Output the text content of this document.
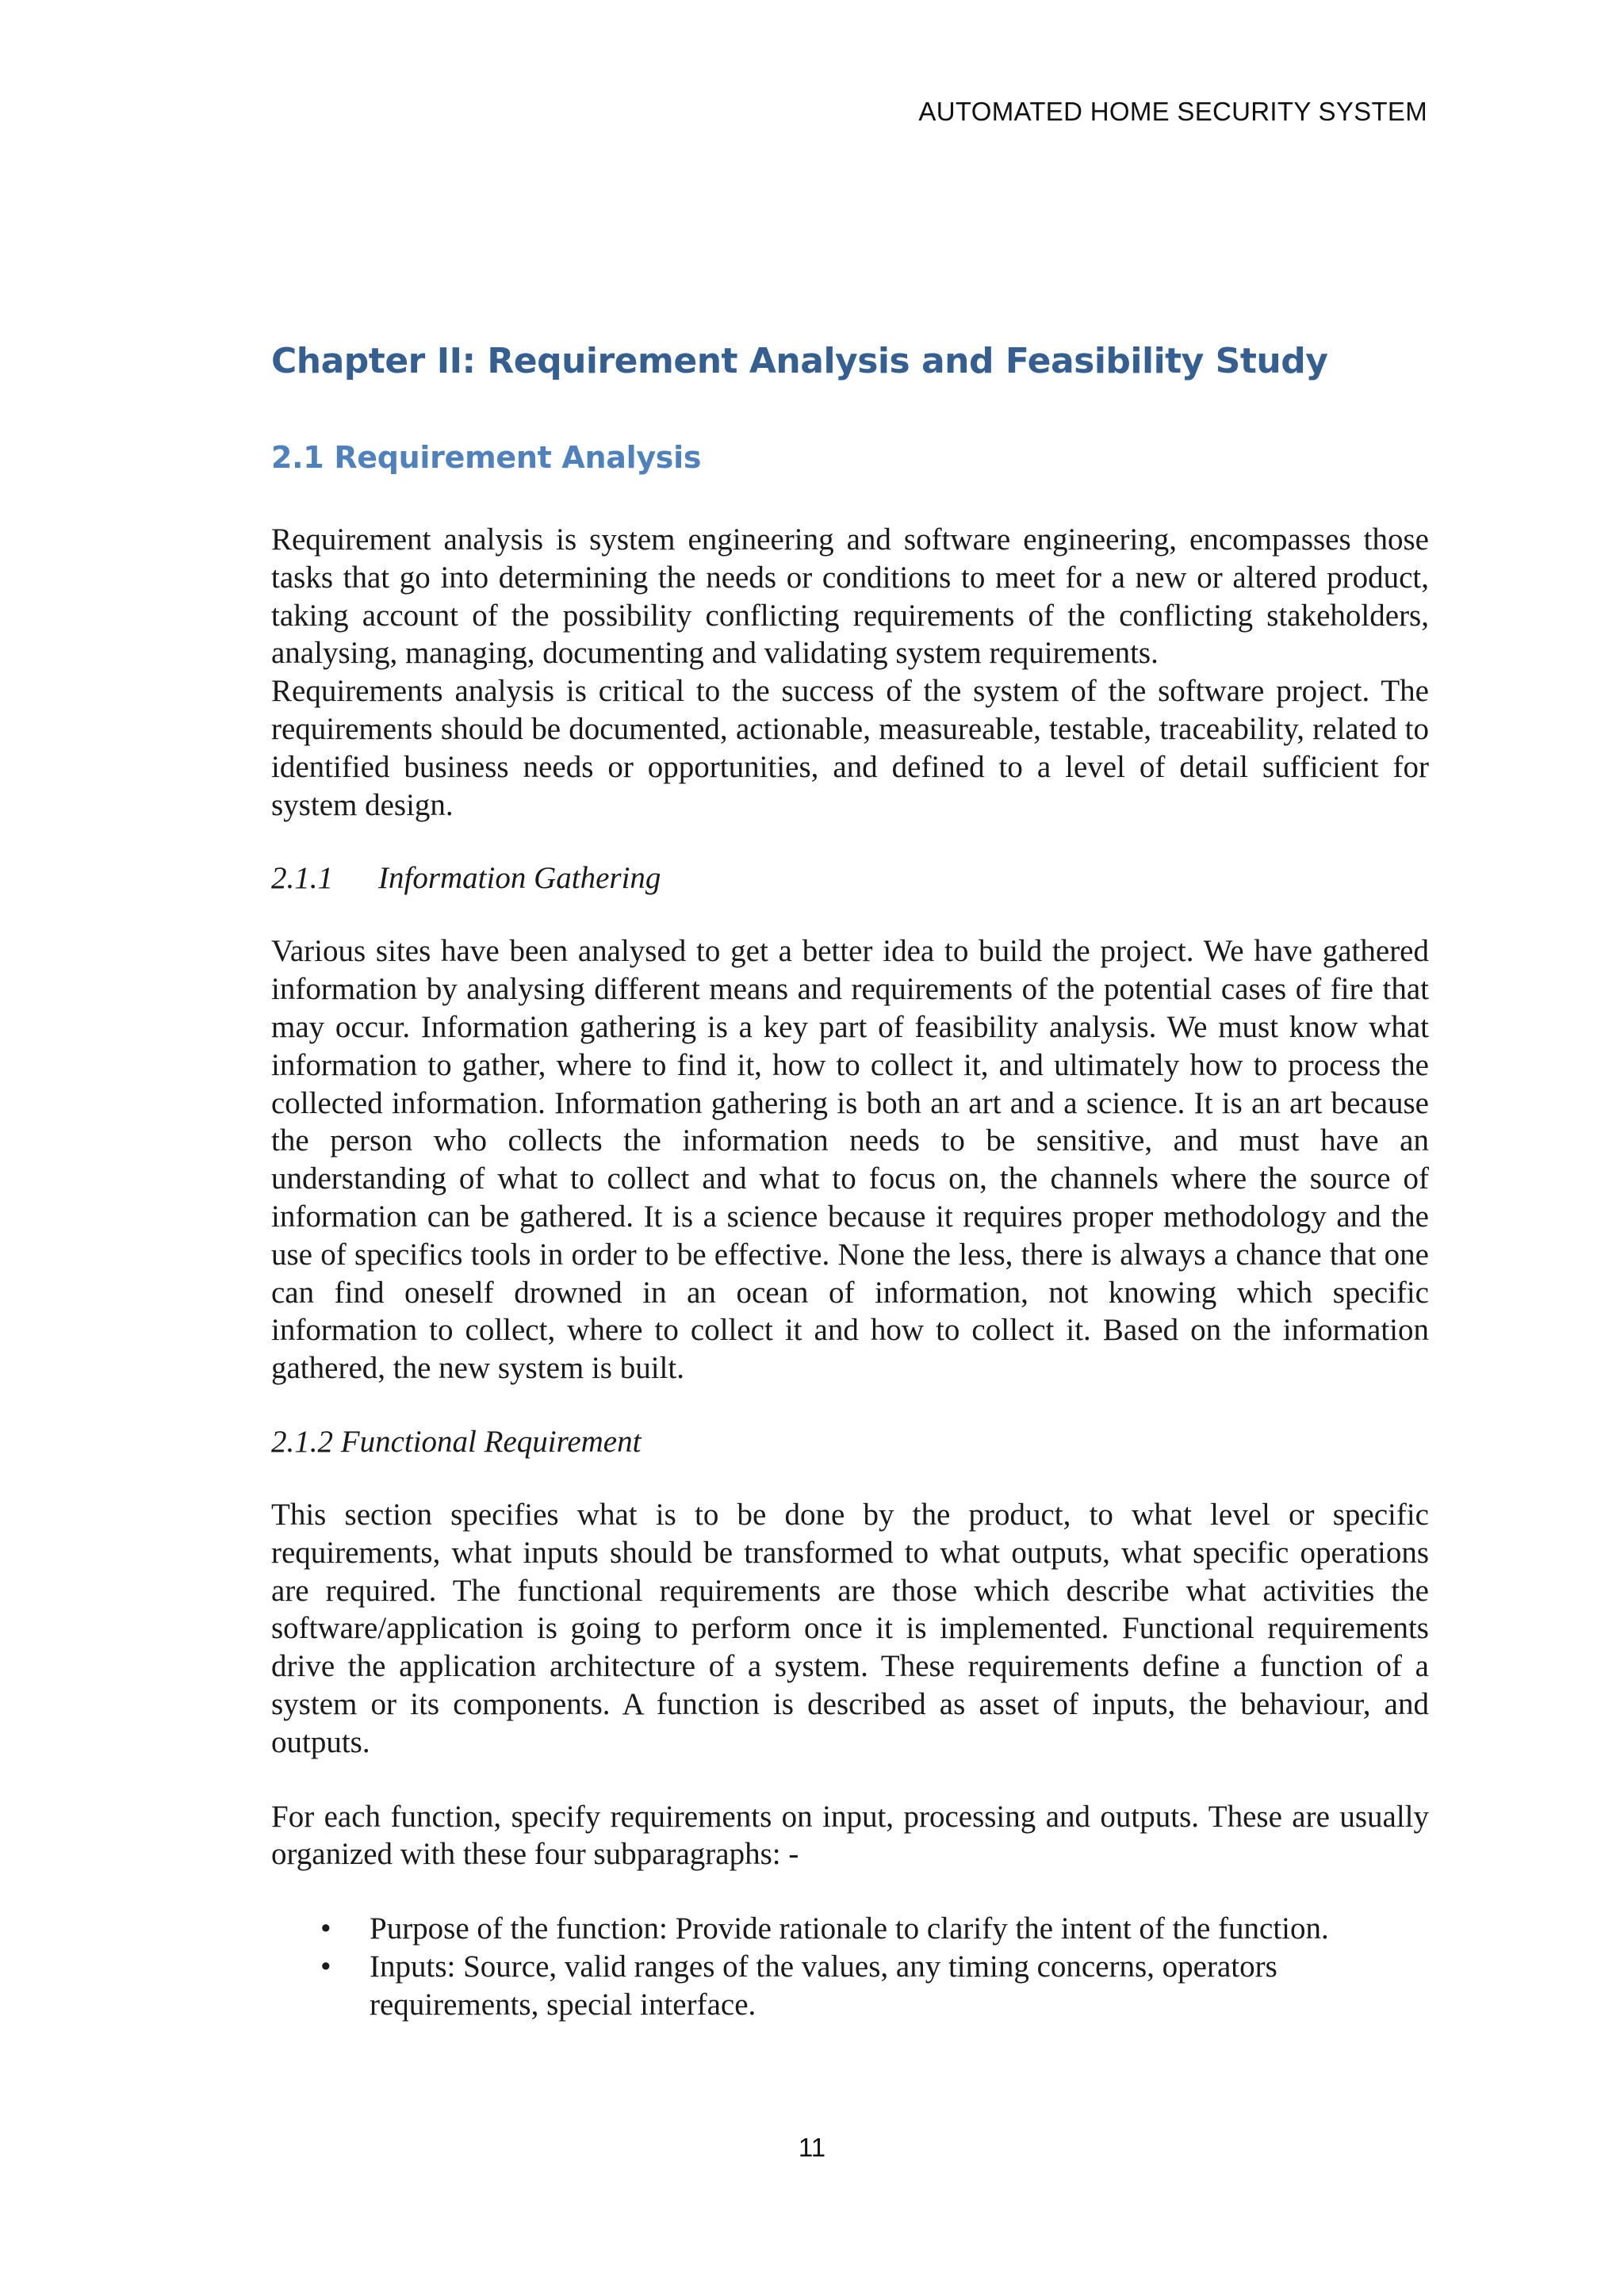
AUTOMATED HOME SECURITY SYSTEM
Chapter II: Requirement Analysis and Feasibility Study
2.1 Requirement Analysis

Requirement analysis is system engineering and software engineering, encompasses those tasks that go into determining the needs or conditions to meet for a new or altered product, taking account of the possibility conflicting requirements of the conflicting stakeholders, analysing, managing, documenting and validating system requirements.

Requirements analysis is critical to the success of the system of the software project. The requirements should be documented, actionable, measureable, testable, traceability, related to identified business needs or opportunities, and defined to a level of detail sufficient for system design.

2.1.1 Information Gathering

Various sites have been analysed to get a better idea to build the project. We have gathered information by analysing different means and requirements of the potential cases of fire that may occur. Information gathering is a key part of feasibility analysis. We must know what information to gather, where to find it, how to collect it, and ultimately how to process the collected information. Information gathering is both an art and a science. It is an art because the person who collects the information needs to be sensitive, and must have an understanding of what to collect and what to focus on, the channels where the source of information can be gathered. It is a science because it requires proper methodology and the use of specifics tools in order to be effective. None the less, there is always a chance that one can find oneself drowned in an ocean of information, not knowing which specific information to collect, where to collect it and how to collect it. Based on the information gathered, the new system is built.

2.1.2 Functional Requirement

This section specifies what is to be done by the product, to what level or specific requirements, what inputs should be transformed to what outputs, what specific operations are required. The functional requirements are those which describe what activities the software/application is going to perform once it is implemented. Functional requirements drive the application architecture of a system. These requirements define a function of a system or its components. A function is described as asset of inputs, the behaviour, and outputs.

For each function, specify requirements on input, processing and outputs. These are usually organized with these four subparagraphs: -

• Purpose of the function: Provide rationale to clarify the intent of the function.
• Inputs: Source, valid ranges of the values, any timing concerns, operators requirements, special interface.
11
